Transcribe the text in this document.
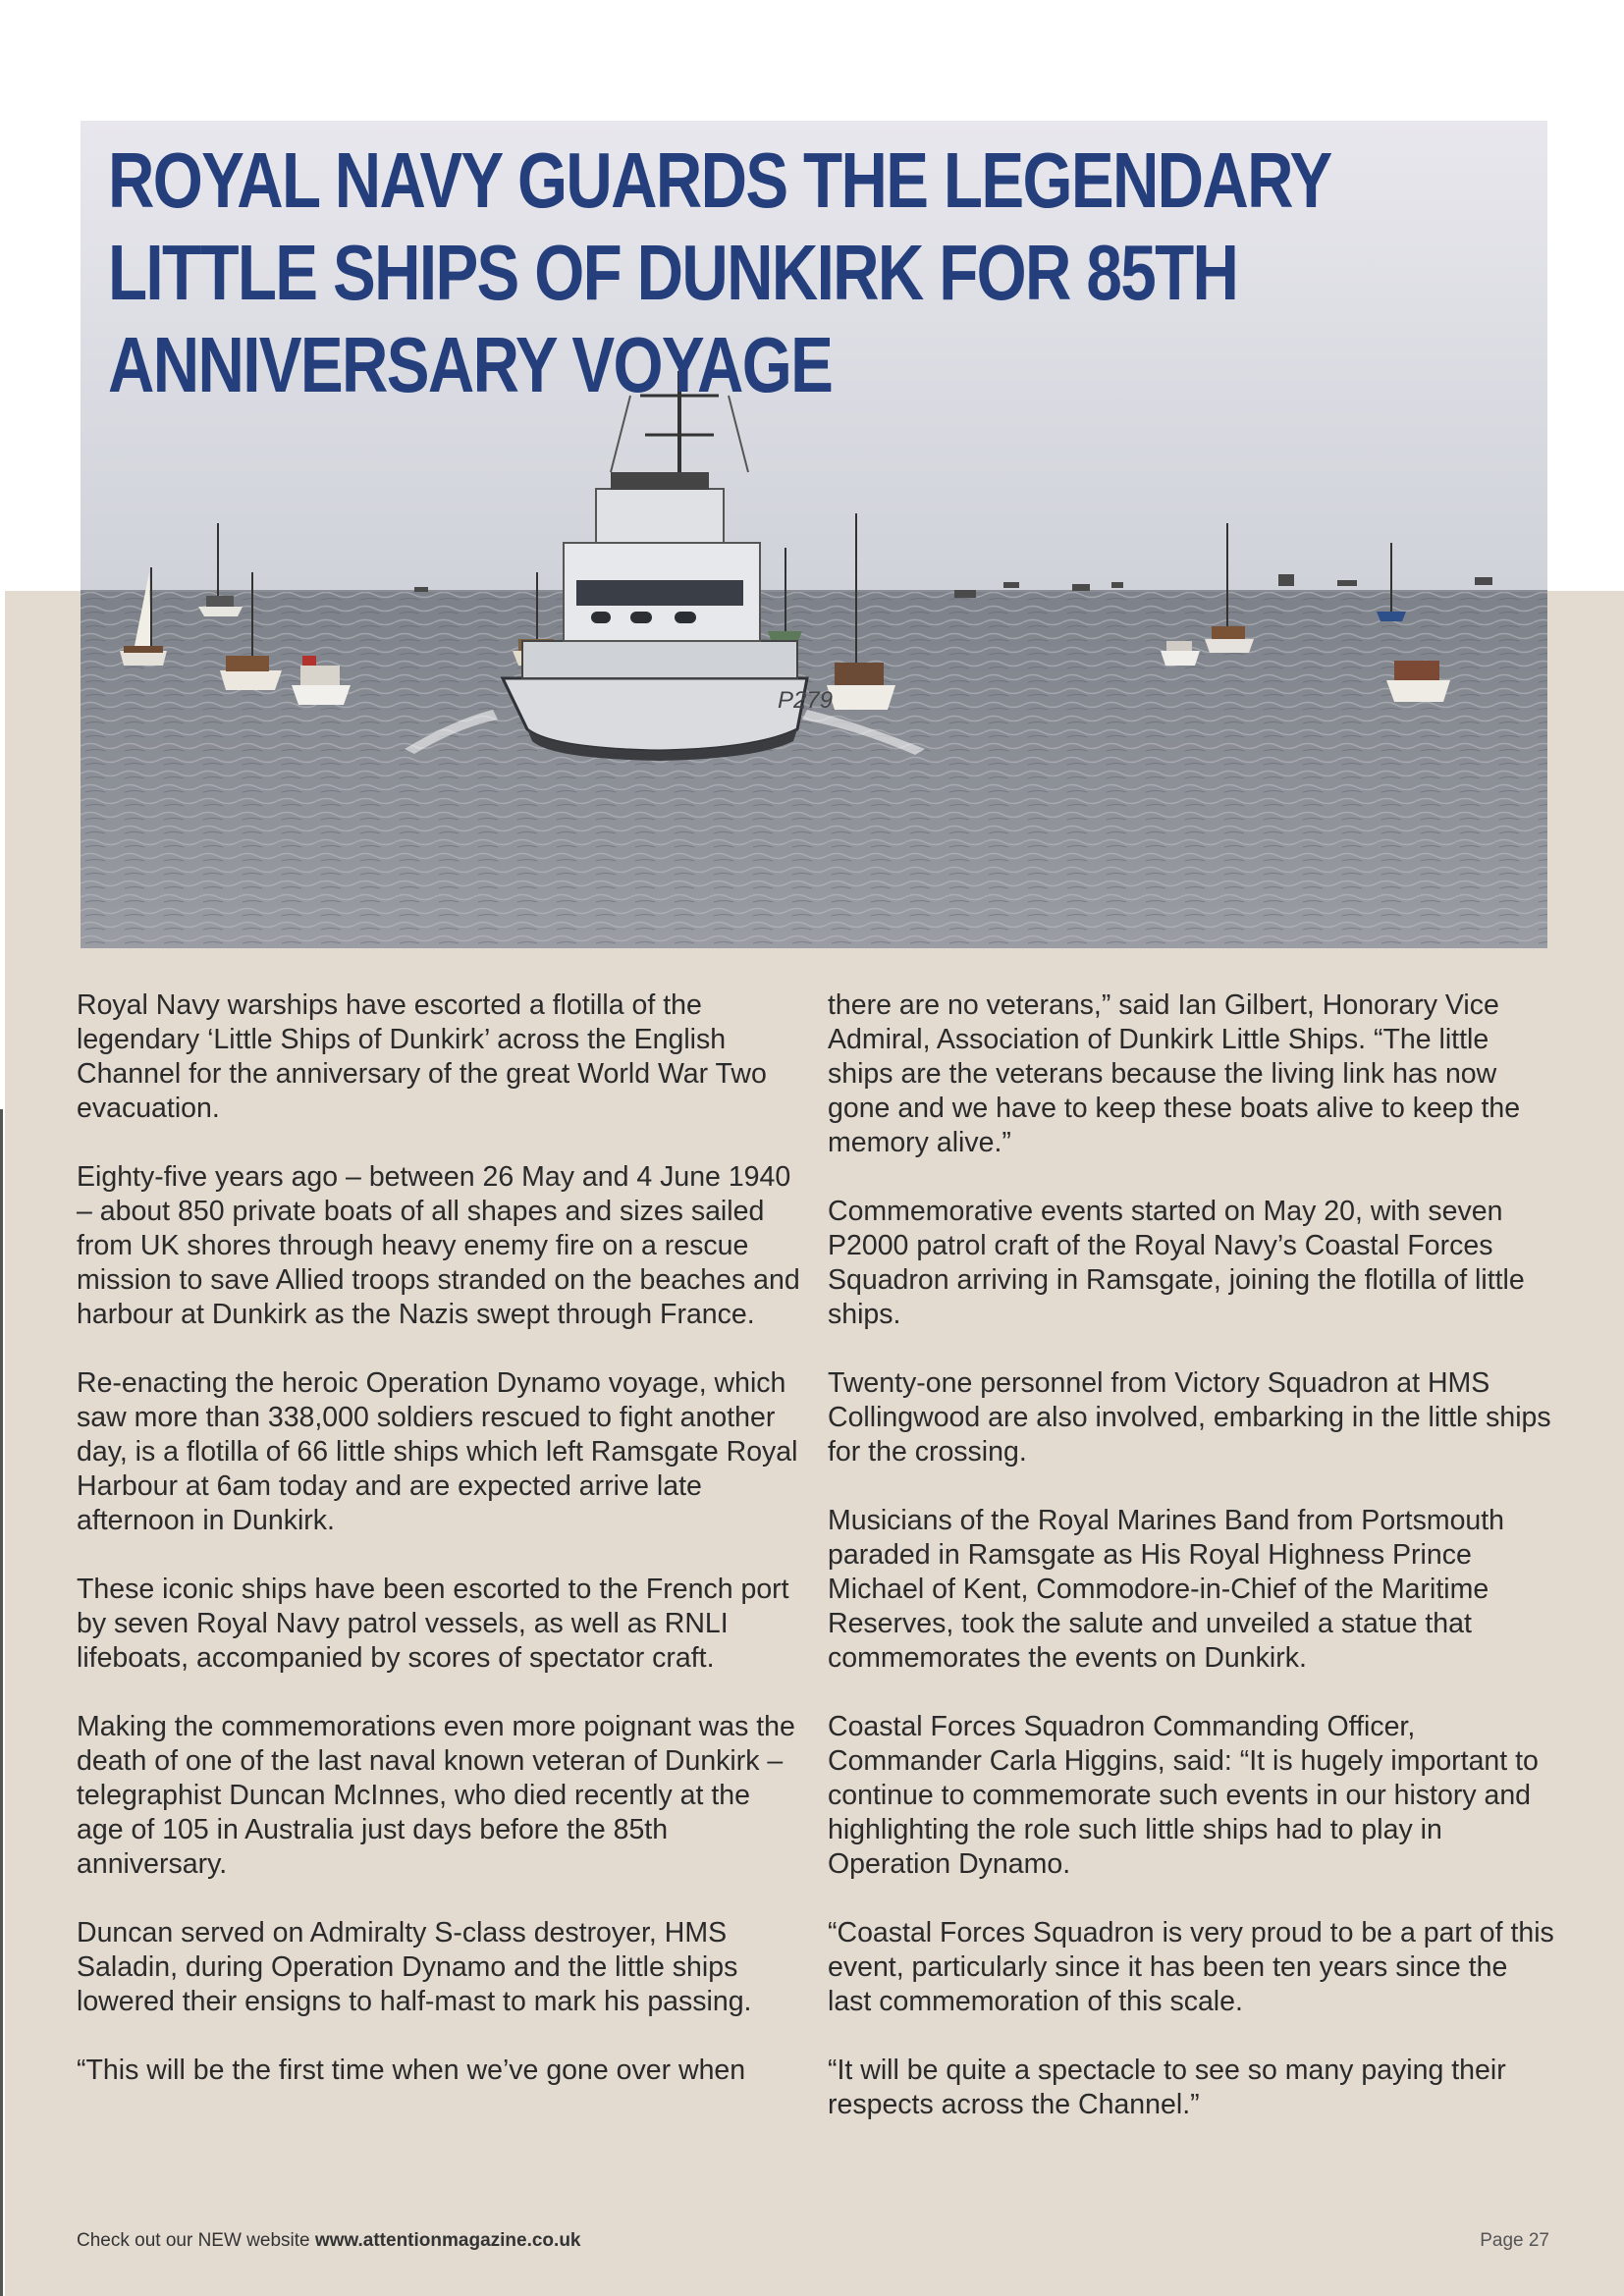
P279
ROYAL NAVY GUARDS THE LEGENDARY
LITTLE SHIPS OF DUNKIRK FOR 85TH
ANNIVERSARY VOYAGE

Royal Navy warships have escorted a flotilla of the legendary ‘Little Ships of Dunkirk’ across the English Channel for the anniversary of the great World War Two evacuation.

Eighty-five years ago – between 26 May and 4 June 1940 – about 850 private boats of all shapes and sizes sailed from UK shores through heavy enemy fire on a rescue mission to save Allied troops stranded on the beaches and harbour at Dunkirk as the Nazis swept through France.

Re-enacting the heroic Operation Dynamo voyage, which saw more than 338,000 soldiers rescued to fight another day, is a flotilla of 66 little ships which left Ramsgate Royal Harbour at 6am today and are expected arrive late afternoon in Dunkirk.

These iconic ships have been escorted to the French port by seven Royal Navy patrol vessels, as well as RNLI lifeboats, accompanied by scores of spectator craft.

Making the commemorations even more poignant was the death of one of the last naval known veteran of Dunkirk – telegraphist Duncan McInnes, who died recently at the age of 105 in Australia just days before the 85th anniversary.

Duncan served on Admiralty S-class destroyer, HMS Saladin, during Operation Dynamo and the little ships lowered their ensigns to half-mast to mark his passing.

“This will be the first time when we’ve gone over when

there are no veterans,” said Ian Gilbert, Honorary Vice Admiral, Association of Dunkirk Little Ships. “The little ships are the veterans because the living link has now gone and we have to keep these boats alive to keep the memory alive.”

Commemorative events started on May 20, with seven P2000 patrol craft of the Royal Navy’s Coastal Forces Squadron arriving in Ramsgate, joining the flotilla of little ships.

Twenty-one personnel from Victory Squadron at HMS Collingwood are also involved, embarking in the little ships for the crossing.

Musicians of the Royal Marines Band from Portsmouth paraded in Ramsgate as His Royal Highness Prince Michael of Kent, Commodore-in-Chief of the Maritime Reserves, took the salute and unveiled a statue that commemorates the events on Dunkirk.

Coastal Forces Squadron Commanding Officer, Commander Carla Higgins, said: “It is hugely important to continue to commemorate such events in our history and highlighting the role such little ships had to play in Operation Dynamo.

“Coastal Forces Squadron is very proud to be a part of this event, particularly since it has been ten years since the last commemoration of this scale.

“It will be quite a spectacle to see so many paying their respects across the Channel.”

Check out our NEW website www.attentionmagazine.co.uk	Page 27
